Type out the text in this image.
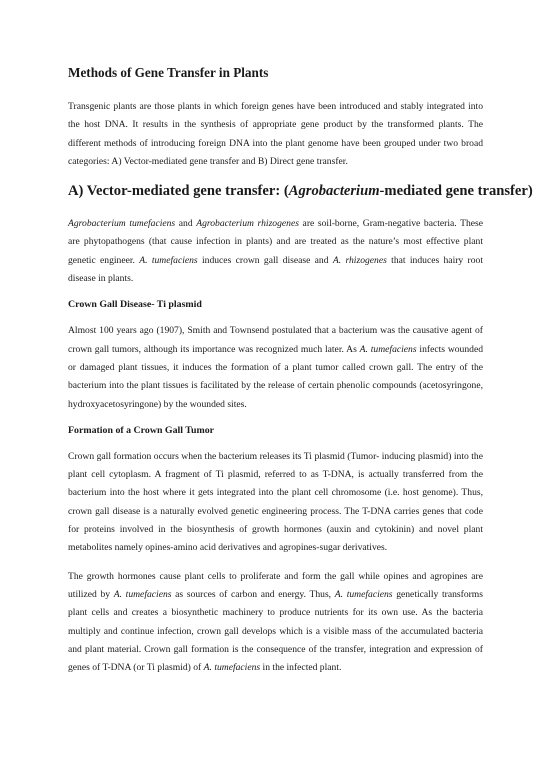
Methods of Gene Transfer in Plants

Transgenic plants are those plants in which foreign genes have been introduced and stably integrated into the host DNA. It results in the synthesis of appropriate gene product by the transformed plants. The different methods of introducing foreign DNA into the plant genome have been grouped under two broad categories: A) Vector-mediated gene transfer and B) Direct gene transfer.

A) Vector-mediated gene transfer: (Agrobacterium-mediated gene transfer)

Agrobacterium tumefaciens and Agrobacterium rhizogenes are soil-borne, Gram-negative bacteria. These are phytopathogens (that cause infection in plants) and are treated as the nature’s most effective plant genetic engineer. A. tumefaciens induces crown gall disease and A. rhizogenes that induces hairy root disease in plants.

Crown Gall Disease- Ti plasmid

Almost 100 years ago (1907), Smith and Townsend postulated that a bacterium was the causative agent of crown gall tumors, although its importance was recognized much later. As A. tumefaciens infects wounded or damaged plant tissues, it induces the formation of a plant tumor called crown gall. The entry of the bacterium into the plant tissues is facilitated by the release of certain phenolic compounds (acetosyringone, hydroxyacetosyringone) by the wounded sites.

Formation of a Crown Gall Tumor

Crown gall formation occurs when the bacterium releases its Ti plasmid (Tumor- inducing plasmid) into the plant cell cytoplasm. A fragment of Ti plasmid, referred to as T-DNA, is actually transferred from the bacterium into the host where it gets integrated into the plant cell chromosome (i.e. host genome). Thus, crown gall disease is a naturally evolved genetic engineering process. The T-DNA carries genes that code for proteins involved in the biosynthesis of growth hormones (auxin and cytokinin) and novel plant metabolites namely opines-amino acid derivatives and agropines-sugar derivatives.

The growth hormones cause plant cells to proliferate and form the gall while opines and agropines are utilized by A. tumefaciens as sources of carbon and energy. Thus, A. tumefaciens genetically transforms plant cells and creates a biosynthetic machinery to produce nutrients for its own use. As the bacteria multiply and continue infection, crown gall develops which is a visible mass of the accumulated bacteria and plant material. Crown gall formation is the consequence of the transfer, integration and expression of genes of T-DNA (or Ti plasmid) of A. tumefaciens in the infected plant.
